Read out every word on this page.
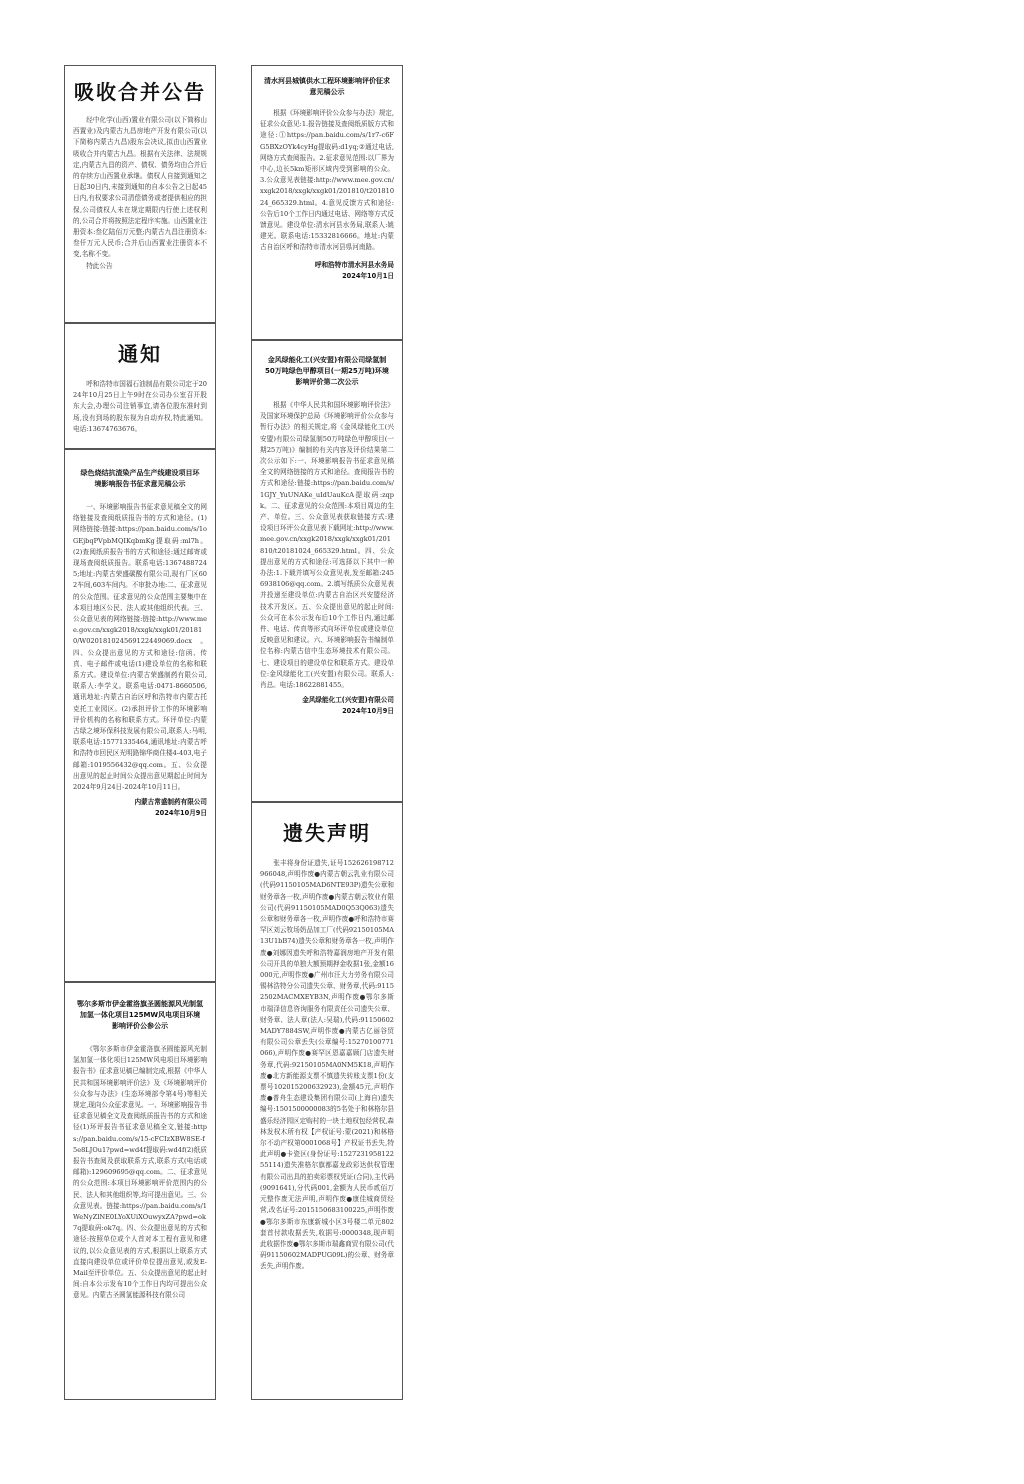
吸收合并公告

经中化学(山西)置业有限公司(以下简称山西置业)及内蒙古九昌房地产开发有限公司(以下简称内蒙古九昌)股东会决议,拟由山西置业吸收合并内蒙古九昌。根据有关法律、法规规定,内蒙古九昌的资产、债权、债务均由合并后的存续方山西置业承继。债权人自接到通知之日起30日内,未接到通知的自本公告之日起45日内,有权要求公司清偿债务或者提供相应的担保,公司债权人未在规定期限内行使上述权利的,公司合并将按照法定程序实施。山西置业注册资本:叁亿陆佰万元整;内蒙古九昌注册资本:叁仟万元人民币;合并后山西置业注册资本不变,名称不变。

特此公告

通知

呼和浩特市国福石油制品有限公司定于2024年10月25日上午9时在公司办公室召开股东大会,办理公司注销事宜,请各位股东准时到场,没有到场的股东视为自动弃权,特此通知。电话:13674763676。

绿色烧结抗渣染产品生产线建设项目环境影响报告书征求意见稿公示

一、环境影响报告书征求意见稿全文的网络链接及查阅纸质报告书的方式和途径。(1)网络链接:链接:https://pan.baidu.com/s/1oGEjbqPVpbMQIKqbmKg提取码:ml7h。(2)查阅纸质报告书的方式和途径:通过邮寄或现场查阅纸质报告。联系电话:13674887245;地址:内蒙古荣盛碳酸有限公司,现有厂区602车间,603车间内。不审批办地:二、征求意见的公众范围。征求意见的公众范围主要集中在本项目地区公民、法人或其他组织代表。三、公众意见表的网络链接:链接:http://www.mee.gov.cn/xxgk2018/xxgk/xxgk01/201810/W020181024569122449069.docx。四、公众提出意见的方式和途径:信函、传真、电子邮件或电话(1)建设单位的名称和联系方式。建设单位:内蒙古荣盛制药有限公司,联系人:李学义。联系电话:0471-8660506,通讯地址:内蒙古自治区呼和浩特市内蒙古托克托工业园区。(2)承担评价工作的环境影响评价机构的名称和联系方式。环评单位:内蒙古绿之境环保科技发展有限公司,联系人:马明,联系电话:15771335464,通讯地址:内蒙古呼和浩特市回民区光明路锦华商住楼4-403,电子邮箱:1019556432@qq.com。五、公众提出意见的起止时间公众提出意见期起止时间为2024年9月24日-2024年10月11日。

内蒙古常盛制药有限公司

2024年10月9日

鄂尔多斯市伊金霍洛旗圣圆能源风光制氢加氢一体化项目125MW风电项目环境影响评价公参公示

《鄂尔多斯市伊金霍洛旗圣圆能源风光制氢加氢一体化项目125MW风电项目环境影响报告书》征求意见稿已编制完成,根据《中华人民共和国环境影响评价法》及《环境影响评价公众参与办法》(生态环境部令第4号)等相关规定,现向公众征求意见。一、环境影响报告书征求意见稿全文及查阅纸质报告书的方式和途径(1)环评报告书征求意见稿全文,链接:https://pan.baidu.com/s/15-cFCIzXBW8SE-f5e8LJOu1?pwd=wd4f提取码:wd4f(2)纸质报告书查阅及获取联系方式,联系方式(电话或邮箱):129609695@qq.com。二、征求意见的公众范围:本项目环境影响评价范围内的公民、法人和其他组织等,均可提出意见。三、公众意见表。链接:https://pan.baidu.com/s/1WeNyZlNE0LYoXUiXOuwyxZA?pwd=ok7q提取码:ok7q。四、公众提出意见的方式和途径:按照单位或个人首对本工程有意见和建议的,以公众意见表的方式,根据以上联系方式直接向建设单位或评价单位提出意见,或发E-Mail至评价单位。五、公众提出意见的起止时间:自本公示发布10个工作日内均可提出公众意见。内蒙古圣圆氢能源科技有限公司

清水河县城镇供水工程环境影响评价征求意见稿公示

根据《环境影响评价公众参与办法》规定,征求公众意见:1.报告链接及查阅纸质版方式和途径:①https://pan.baidu.com/s/1r7-c6FG5BXzOYk4cyHg提取码:d1yq;②通过电话,网络方式查阅报告。2.征求意见范围:以厂界为中心,边长5km矩形区域内受到影响的公众。3.公众意见表链接:http://www.mee.gov.cn/xxgk2018/xxgk/xxgk01/201810/t20181024_665329.html。4.意见反馈方式和途径:公告后10个工作日内通过电话、网络等方式反馈意见。建设单位:清水河县水务局,联系人:姚建光。联系电话:15332816666。地址:内蒙古自治区呼和浩特市清水河县県河南路。

呼和浩特市清水河县水务局

2024年10月1日

金风绿能化工(兴安盟)有限公司绿氢制50万吨绿色甲醇项目(一期25万吨)环境影响评价第二次公示

根据《中华人民共和国环境影响评价法》及国家环境保护总局《环境影响评价公众参与暂行办法》的相关规定,将《金风绿能化工(兴安盟)有限公司绿氢制50万吨绿色甲醇项目(一期25万吨)》编制的有关内容及评价结果第二次公示如下:一、环境影响报告书征求意见稿全文的网络链接的方式和途径。查阅报告书的方式和途径:链接:https://pan.baidu.com/s/1GJY_YuUNAKe_uIdUauKcA提取码:zqpk。二、征求意见的公众范围:本项目周边的生产、单位。三、公众意见表获取链接方式:建设项目环评公众意见表下载网址:http://www.mee.gov.cn/xxgk2018/xxgk/xxgk01/201810/t20181024_665329.html。四、公众提出意见的方式和途径:可选择以下其中一种办法:1.下载并填写公众意见表,发至邮箱:2456938106@qq.com。2.填写纸质公众意见表并投递至建设单位:内蒙古自治区兴安盟经济技术开发区。五、公众提出意见的起止时间:公众可在本公示发布后10个工作日内,通过邮件、电话、传真等形式向环评单位或建设单位反映意见和建议。六、环境影响报告书编制单位名称:内蒙古信中生态环境技术有限公司。七、建设项目的建设单位和联系方式。建设单位:金风绿能化工(兴安盟)有限公司。联系人:肖总。电话:18622881455。

金风绿能化工(兴安盟)有限公司

2024年10月9日

遗失声明

张丰将身份证遗失,证号152626198712966048,声明作废●内蒙古朝云乳业有限公司(代码91150105MAD6NTE93P)遗失公章和财务章各一枚,声明作废●内蒙古朝云牧业有限公司(代码91150105MAD0Q53Q063)遗失公章和财务章各一枚,声明作废●呼和浩特市赛罕区刘云牧场奶品加工厂(代码92150105MA13U1bB74)遗失公章和财务章各一枚,声明作废●刘娜因遗失呼和浩特嘉润房地产开发有限公司开具的单独大额预期押金收据1张,金额16000元,声明作废●广州市汪大力劳务有限公司锡林浩特分公司遗失公章、财务章,代码:91152502MACMXEYB3N,声明作废●鄂尔多斯市瑞泽信息咨询服务有限责任公司遗失公章、财务章、法人章(法人:吴瑞),代码:91150602MADY7884SW,声明作废●内蒙古亿丽谷贸有限公司公章丢失(公章编号:15270100771066),声明作废●赛罕区恩嘉嘉顾门店遗失财务章,代码:92150105MA0NM5K18,声明作废●北方新能源支票不慎遗失转账支票1份(支票号102015200632923),金额45元,声明作废●普舟生态建设集团有限公司(上海自)遗失编号:1501500000083的5名处于和林格尔县盛乐经济园区定购村的一块土地权包经营权,森林发权木所有权【产权证号:蒙(2021)和林格尔不动产权第0001068号】产权证书丢失,特此声明●卡瓷区(身份证号:152723195812255114)遗失准格尔旗都嘉龙政彩达供权管理有限公司出具的拍卖彩票权凭证(合同),主代码(9091641),分代码001,金额为人民币贰佰万元整作废无法声明,声明作废●康佳城商贸经营,改名证号:2015150683100225,声明作废●鄂尔多斯市东康新城小区3号楼二单元802套首付款收据丢失,收据号:0000348,现声明此收据作废●鄂尔多斯市瑞鑫商贸有限公司(代码91150602MADPUG09L)的公章、财务章丢失,声明作废。
